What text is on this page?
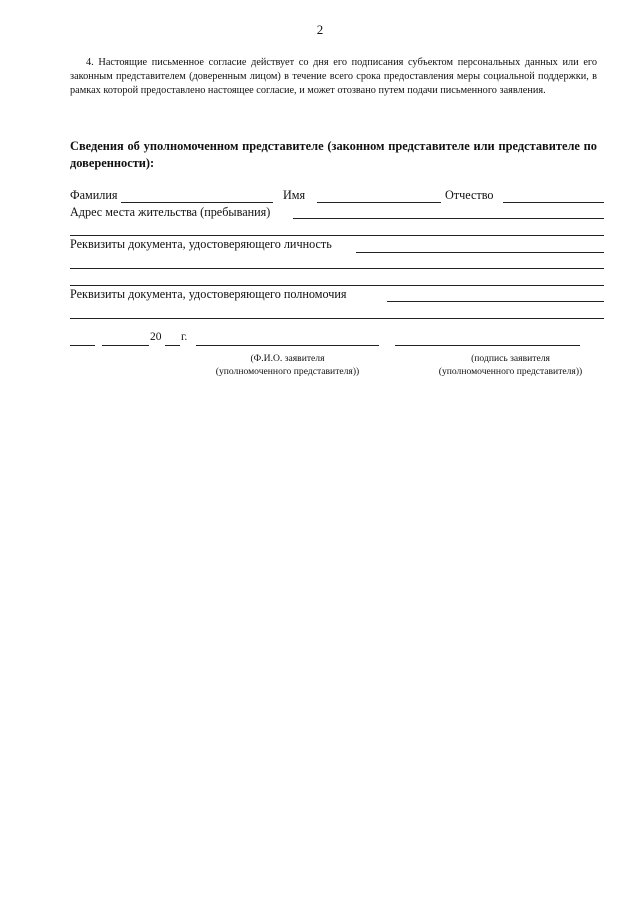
2
4. Настоящие письменное согласие действует со дня его подписания субъектом персональных данных или его законным представителем (доверенным лицом) в течение всего срока предоставления меры социальной поддержки, в рамках которой предоставлено настоящее согласие, и может отозвано путем подачи письменного заявления.
Сведения об уполномоченном представителе (законном представителе или представителе по доверенности):
Фамилия	Имя	Отчество
Адрес места жительства (пребывания)
Реквизиты документа, удостоверяющего личность
Реквизиты документа, удостоверяющего полномочия
20 г.
(Ф.И.О. заявителя
(уполномоченного представителя))
(подпись заявителя
(уполномоченного представителя))
